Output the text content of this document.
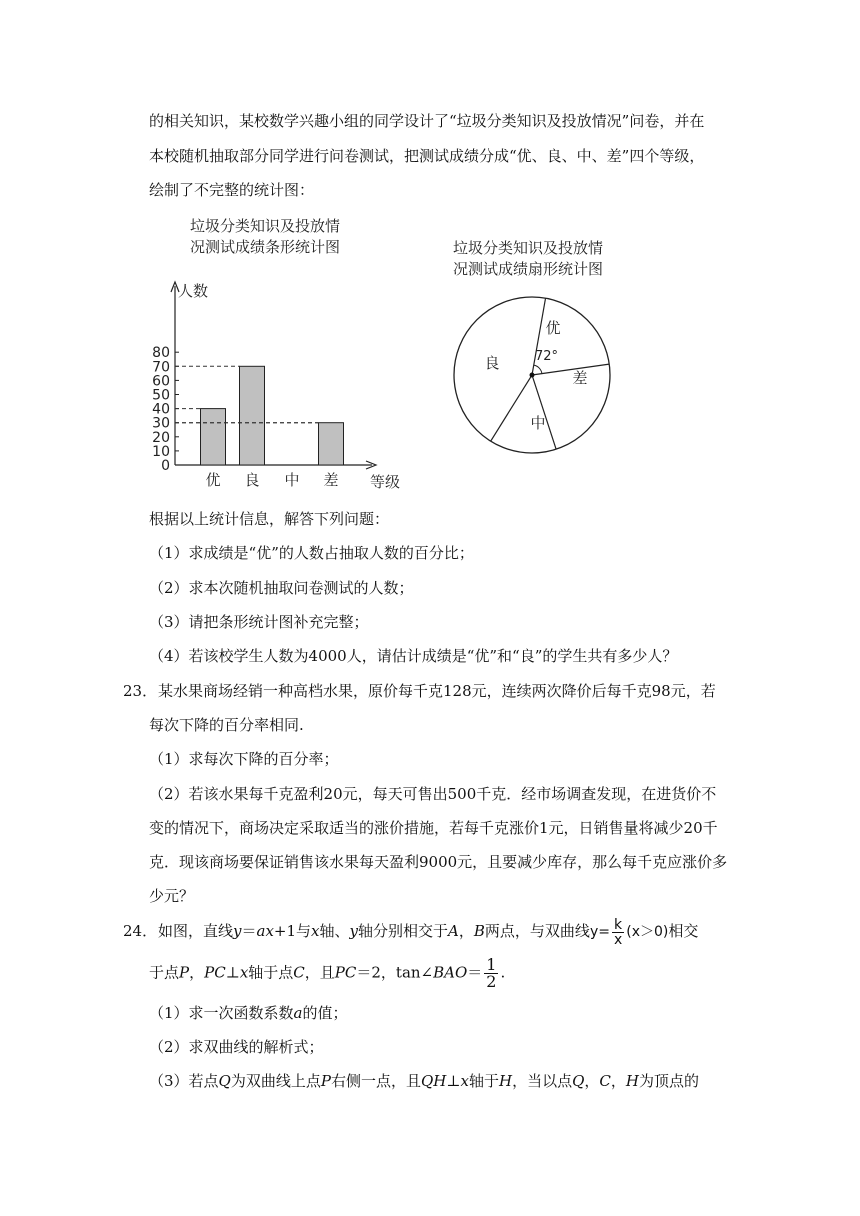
的相关知识，某校数学兴趣小组的同学设计了“垃圾分类知识及投放情况”问卷，并在
本校随机抽取部分同学进行问卷测试，把测试成绩分成“优、良、中、差”四个等级，
绘制了不完整的统计图：
垃圾分类知识及投放情
况测试成绩条形统计图	垃圾分类知识及投放情
况测试成绩扇形统计图
人数
0
10
20
30
40
50
60
70
80
优 良 中 差 等级
优
差
中
良	72°
根据以上统计信息，解答下列问题：
（1）求成绩是“优”的人数占抽取人数的百分比；
（2）求本次随机抽取问卷测试的人数；
（3）请把条形统计图补充完整；
（4）若该校学生人数为4000人，请估计成绩是“优”和“良”的学生共有多少人？
23． 某水果商场经销一种高档水果，原价每千克128元，连续两次降价后每千克98元，若
每次下降的百分率相同.
（1）求每次下降的百分率；
（2）若该水果每千克盈利20元，每天可售出500千克．经市场调查发现，在进货价不
变的情况下，商场决定采取适当的涨价措施，若每千克涨价1元，日销售量将减少20千
克．现该商场要保证销售该水果每天盈利9000元，且要减少库存，那么每千克应涨价多
少元？
24． 如图，直线y＝ax+1与x轴、y轴分别相交于A，B两点，与双曲线$y= \frac{k}{x} (x>0)$相交
于点P，PC⊥x轴于点C，且PC＝2，tan∠BAO＝ $\frac{1}{2}$ .
（1）求一次函数系数a的值；
（2）求双曲线的解析式；
（3）若点Q为双曲线上点P右侧一点，且QH⊥x轴于H，当以点Q，C，H为顶点的
